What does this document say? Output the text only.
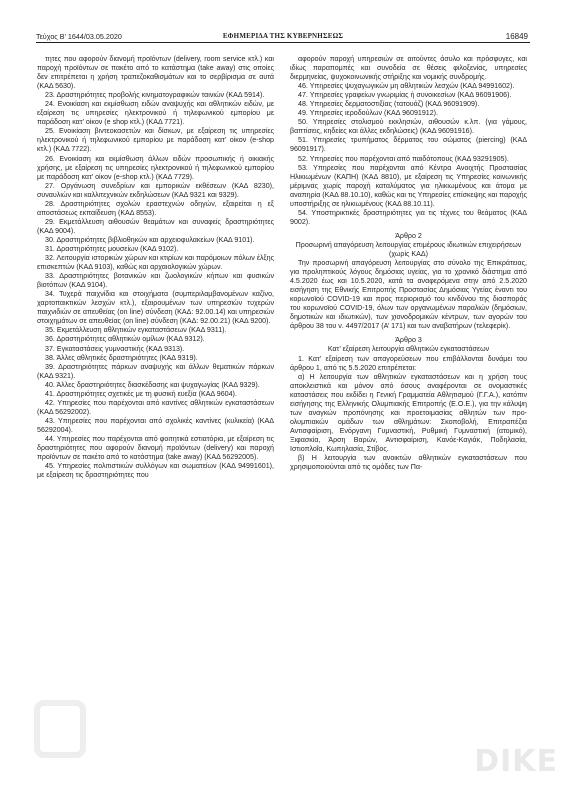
Τεύχος Β’ 1644/03.05.2020	ΕΦΗΜΕΡΙΔΑ ΤΗΣ ΚΥΒΕΡΝΗΣΕΩΣ	16849

τητες που αφορούν διανομή προϊόντων (delivery, room service κτλ.) και παροχή προϊόντων σε πακέτο από το κατάστημα (take away) στις οποίες δεν επιτρέπεται η χρήση τραπεζοκαθισμάτων και το σερβίρισμα σε αυτά (ΚΑΔ 5630).

23. Δραστηριότητες προβολής κινηματογραφικών ταινιών (ΚΑΔ 5914).

24. Ενοικίαση και εκμίσθωση ειδών αναψυχής και αθλητικών ειδών, με εξαίρεση τις υπηρεσίες ηλεκτρονικού ή τηλεφωνικού εμπορίου με παράδοση κατ’ οίκον (e shop κτλ.) (ΚΑΔ 7721).

25. Ενοικίαση βιντεοκασετών και δίσκων, με εξαίρεση τις υπηρεσίες ηλεκτρονικού ή τηλεφωνικού εμπορίου με παράδοση κατ’ οίκον (e-shop κτλ.) (ΚΑΔ 7722).

26. Ενοικίαση και εκμίσθωση άλλων ειδών προσωπικής ή οικιακής χρήσης, με εξαίρεση τις υπηρεσίες ηλεκτρονικού ή τηλεφωνικού εμπορίου με παράδοση κατ’ οίκον (e-shop κτλ.) (ΚΑΔ 7729).

27. Οργάνωση συνεδρίων και εμπορικών εκθέσεων (ΚΑΔ 8230), συναυλιών και καλλιτεχνικών εκδηλώσεων (ΚΑΔ 9321 και 9329).

28. Δραστηριότητες σχολών εραστεχνών οδηγών, εξαιρείται η εξ αποστάσεως εκπαίδευση (ΚΑΔ 8553).

29. Εκμετάλλευση αιθουσών θεαμάτων και συναφείς δραστηριότητες (ΚΑΔ 9004).

30. Δραστηριότητες βιβλιοθηκών και αρχειοφυλακείων (ΚΑΔ 9101).

31. Δραστηριότητες μουσείων (ΚΑΔ 9102).

32. Λειτουργία ιστορικών χώρων και κτιρίων και παρόμοιων πόλων έλξης επισκεπτών (ΚΑΔ 9103), καθώς και αρχαιολογικών χώρων.

33. Δραστηριότητες βοτανικών και ζωολογικών κήπων και φυσικών βιοτόπων (ΚΑΔ 9104).

34. Τυχερά παιχνίδια και στοιχήματα (συμπεριλαμβανομένων καζίνο, χαρτοπαικτικών λεσχών κτλ.), εξαιρουμένων των υπηρεσιών τυχερών παιχνιδιών σε απευθείας (on line) σύνδεση (ΚΑΔ: 92.00.14) και υπηρεσιών στοιχημάτων σε απευθείας (on line) σύνδεση (ΚΑΔ: 92.00.21) (ΚΑΔ 9200).

35. Εκμετάλλευση αθλητικών εγκαταστάσεων (ΚΑΔ 9311).

36. Δραστηριότητες αθλητικών ομίλων (ΚΑΔ 9312).

37. Εγκαταστάσεις γυμναστικής (ΚΑΔ 9313).

38. Άλλες αθλητικές δραστηριότητες (ΚΑΔ 9319).

39. Δραστηριότητες πάρκων αναψυχής και άλλων θεματικών πάρκων (ΚΑΔ 9321).

40. Άλλες δραστηριότητες διασκέδασης και ψυχαγωγίας (ΚΑΔ 9329).

41. Δραστηριότητες σχετικές με τη φυσική ευεξία (ΚΑΔ 9604).

42. Υπηρεσίες που παρέχονται από καντίνες αθλητικών εγκαταστάσεων (ΚΑΔ 56292002).

43. Υπηρεσίες που παρέχονται από σχολικές καντίνες (κυλικεία) (ΚΑΔ 56292004).

44. Υπηρεσίες που παρέχονται από φοιτητικά εστιατόρια, με εξαίρεση τις δραστηριότητες που αφορούν διανομή προϊόντων (delivery) και παροχή προϊόντων σε πακέτο από το κατάστημα (take away) (ΚΑΔ 56292005).

45. Υπηρεσίες πολιτιστικών συλλόγων και σωματείων (ΚΑΔ 94991601), με εξαίρεση τις δραστηριότητες που

αφορούν παροχή υπηρεσιών σε αιτούντες άσυλο και πρόσφυγες, και ιδίως παραπομπές και συνοδεία σε θέσεις φιλοξενίας, υπηρεσίες διερμηνείας, ψυχοκοινωνικής στήριξης και νομικής συνδρομής.

46. Υπηρεσίες ψυχαγωγικών μη αθλητικών λεσχών (ΚΑΔ 94991602).

47. Υπηρεσίες γραφείων γνωριμίας ή συνοικεσίων (ΚΑΔ 96091906).

48. Υπηρεσίες δερματοστιξίας (τατουάζ) (ΚΑΔ 96091909).

49. Υπηρεσίες ιεροδούλων (ΚΑΔ 96091912).

50. Υπηρεσίες στολισμού εκκλησιών, αιθουσών κ.λπ. (για γάμους, βαπτίσεις, κηδείες και άλλες εκδηλώσεις) (ΚΑΔ 96091916).

51. Υπηρεσίες τρυπήματος δέρματος του σώματος (piercing) (ΚΑΔ 96091917).

52. Υπηρεσίες που παρέχονται από παιδότοπους (ΚΑΔ 93291905).

53. Υπηρεσίες που παρέχονται από Κέντρα Ανοιχτής Προστασίας Ηλικιωμένων (ΚΑΠΗ) (ΚΑΔ 8810), με εξαίρεση τις Υπηρεσίες κοινωνικής μέριμνας χωρίς παροχή καταλύματος για ηλικιωμένους και άτομα με αναπηρία (ΚΑΔ 88.10.10), καθώς και τις Υπηρεσίες επίσκεψης και παροχής υποστήριξης σε ηλικιωμένους (ΚΑΔ 88.10.11).

54. Υποστηρικτικές δραστηριότητες για τις τέχνες του θεάματος (ΚΑΔ 9002).

Άρθρο 2

Προσωρινή απαγόρευση λειτουργίας επιμέρους ιδιωτικών επιχειρήσεων (χωρίς ΚΑΔ)

Την προσωρινή απαγόρευση λειτουργίας στο σύνολο της Επικράτειας, για προληπτικούς λόγους δημόσιας υγείας, για το χρονικό διάστημα από 4.5.2020 έως και 10.5.2020, κατά τα αναφερόμενα στην από 2.5.2020 εισήγηση της Εθνικής Επιτροπής Προστασίας Δημόσιας Υγείας έναντι του κορωνοϊού COVID-19 και προς περιορισμό του κινδύνου της διασποράς του κορωνοϊού COVID-19, όλων των οργανωμένων παραλιών (δημόσιων, δημοτικών και ιδιωτικών), των χιονοδρομικών κέντρων, των αγορών του άρθρου 38 του ν. 4497/2017 (Α’ 171) και των αναβατήρων (τελεφερίκ).

Άρθρο 3

Κατ’ εξαίρεση λειτουργία αθλητικών εγκαταστάσεων

1. Κατ’ εξαίρεση των απαγορεύσεων που επιβάλλονται δυνάμει του άρθρου 1, από τις 5.5.2020 επιτρέπεται:

α) Η λειτουργία των αθλητικών εγκαταστάσεων και η χρήση τους αποκλειστικά και μόνον από όσους αναφέρονται σε ονομαστικές καταστάσεις που εκδίδει η Γενική Γραμματεία Αθλητισμού (Γ.Γ.Α.), κατόπιν εισήγησης της Ελληνικής Ολυμπιακής Επιτροπής (Ε.Ο.Ε.), για την κάλυψη των αναγκών προπόνησης και προετοιμασίας αθλητών των προ-ολυμπιακών ομάδων των αθλημάτων: Σκοποβολή, Επιτραπέζια Αντισφαίριση, Ενόργανη Γυμναστική, Ρυθμική Γυμναστική (ατομικό), Ξιφασκία, Άρση Βαρών, Αντισφαίριση, Κανόε-Καγιάκ, Ποδηλασία, Ιστιοπλοΐα, Κωπηλασία, Στίβος.

β) Η λειτουργία των ανοικτών αθλητικών εγκαταστάσεων που χρησιμοποιούνται από τις ομάδες των Πα-

DIKE
